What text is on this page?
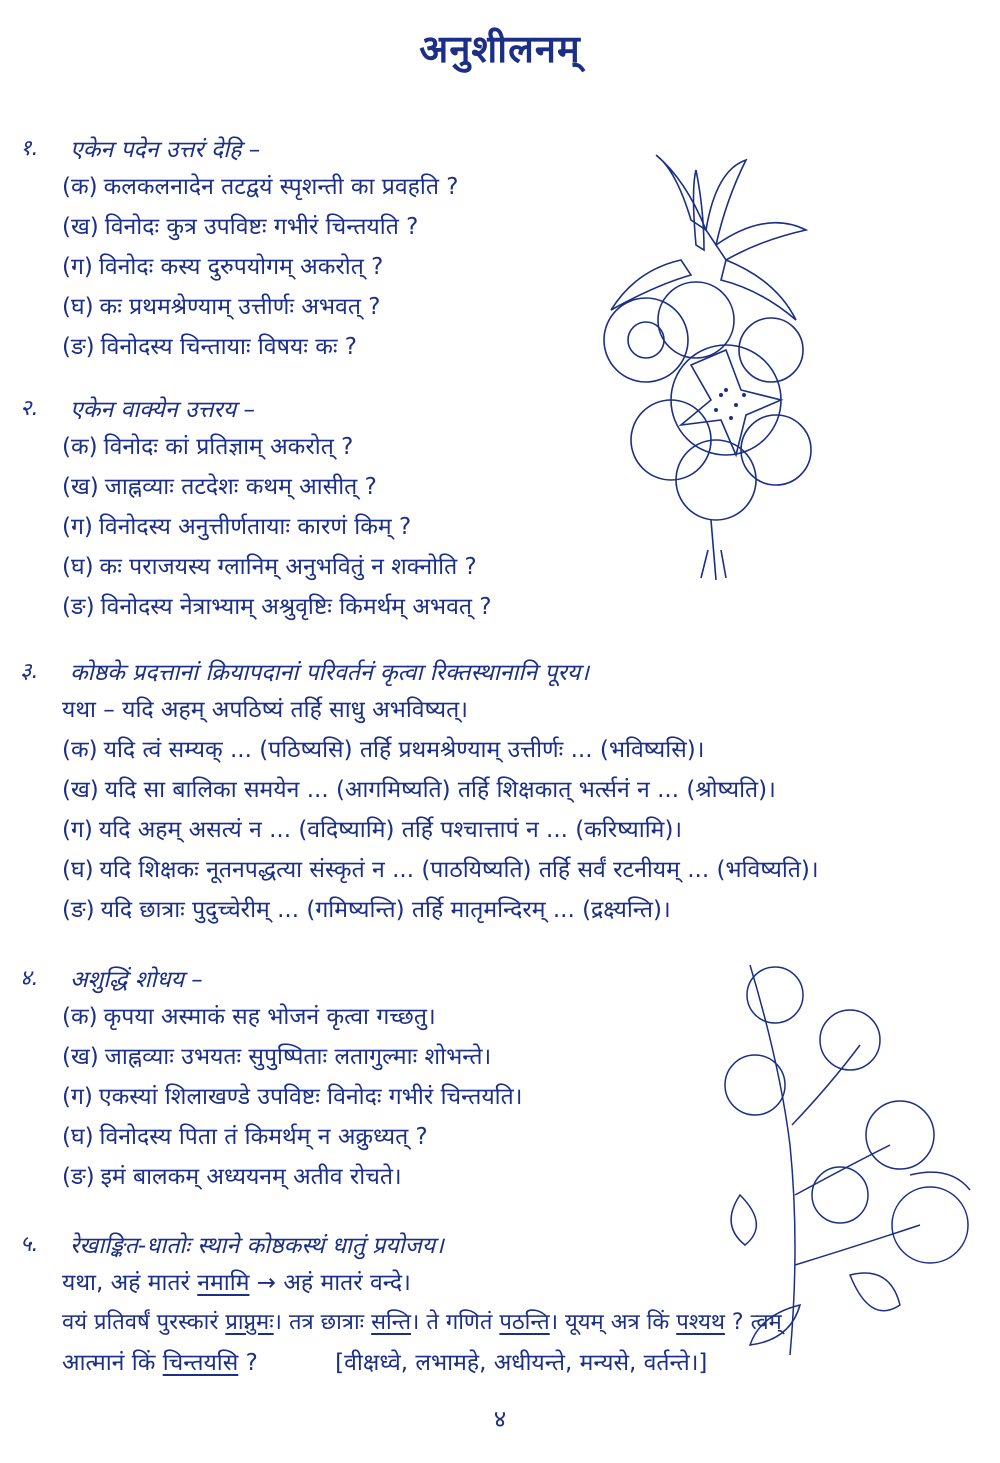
अनुशीलनम्
१. एकेन पदेन उत्तरं देहि –
(क) कलकलनादेन तटद्वयं स्पृशन्ती का प्रवहति ?
(ख) विनोदः कुत्र उपविष्टः गभीरं चिन्तयति ?
(ग) विनोदः कस्य दुरुपयोगम् अकरोत् ?
(घ) कः प्रथमश्रेण्याम् उत्तीर्णः अभवत् ?
(ङ) विनोदस्य चिन्तायाः विषयः कः ?
२. एकेन वाक्येन उत्तरय –
(क) विनोदः कां प्रतिज्ञाम् अकरोत् ?
(ख) जाह्नव्याः तटदेशः कथम् आसीत् ?
(ग) विनोदस्य अनुत्तीर्णतायाः कारणं किम् ?
(घ) कः पराजयस्य ग्लानिम् अनुभवितुं न शक्नोति ?
(ङ) विनोदस्य नेत्राभ्याम् अश्रुवृष्टिः किमर्थम् अभवत् ?
३. कोष्ठके प्रदत्तानां क्रियापदानां परिवर्तनं कृत्वा रिक्तस्थानानि पूरय।
यथा – यदि अहम् अपठिष्यं तर्हि साधु अभविष्यत्।
(क) यदि त्वं सम्यक् ... (पठिष्यसि) तर्हि प्रथमश्रेण्याम् उत्तीर्णः ... (भविष्यसि)।
(ख) यदि सा बालिका समयेन ... (आगमिष्यति) तर्हि शिक्षकात् भर्त्सनं न ... (श्रोष्यति)।
(ग) यदि अहम् असत्यं न ... (वदिष्यामि) तर्हि पश्चात्तापं न ... (करिष्यामि)।
(घ) यदि शिक्षकः नूतनपद्धत्या संस्कृतं न ... (पाठयिष्यति) तर्हि सर्वं रटनीयम् ... (भविष्यति)।
(ङ) यदि छात्राः पुदुच्चेरीम् ... (गमिष्यन्ति) तर्हि मातृमन्दिरम् ... (द्रक्ष्यन्ति)।
४. अशुद्धिं शोधय –
(क) कृपया अस्माकं सह भोजनं कृत्वा गच्छतु।
(ख) जाह्नव्याः उभयतः सुपुष्पिताः लतागुल्माः शोभन्ते।
(ग) एकस्यां शिलाखण्डे उपविष्टः विनोदः गभीरं चिन्तयति।
(घ) विनोदस्य पिता तं किमर्थम् न अक्रुध्यत् ?
(ङ) इमं बालकम् अध्ययनम् अतीव रोचते।
५. रेखाङ्कित-धातोः स्थाने कोष्ठकस्थं धातुं प्रयोजय।
यथा, अहं मातरं नमामि → अहं मातरं वन्दे।
वयं प्रतिवर्षं पुरस्कारं प्राप्नुमः। तत्र छात्राः सन्ति। ते गणितं पठन्ति। यूयम् अत्र किं पश्यथ ? त्वम्
आत्मानं किं चिन्तयसि ?	[वीक्षध्वे, लभामहे, अधीयन्ते, मन्यसे, वर्तन्ते।]
४
